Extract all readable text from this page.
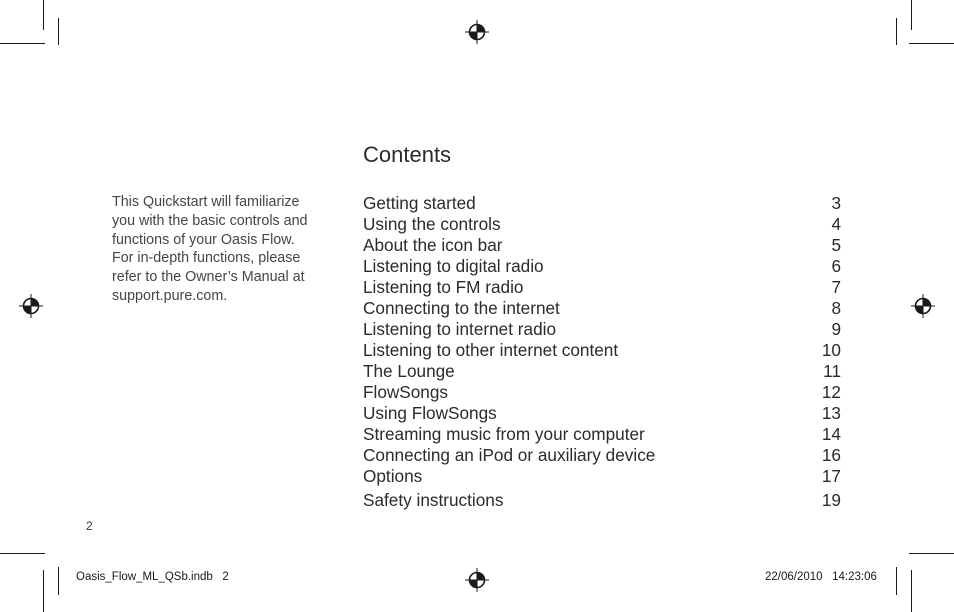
Contents
This Quickstart will familiarize
you with the basic controls and
functions of your Oasis Flow.
For in-depth functions, please
refer to the Owner’s Manual at
support.pure.com.
Getting started	3
Using the controls	4
About the icon bar	5
Listening to digital radio	6
Listening to FM radio	7
Connecting to the internet	8
Listening to internet radio	9
Listening to other internet content	10
The Lounge	11
FlowSongs	12
Using FlowSongs	13
Streaming music from your computer	14
Connecting an iPod or auxiliary device	16
Options	17
Safety instructions	19
2
Oasis_Flow_ML_QSb.indb   2	22/06/2010   14:23:06
